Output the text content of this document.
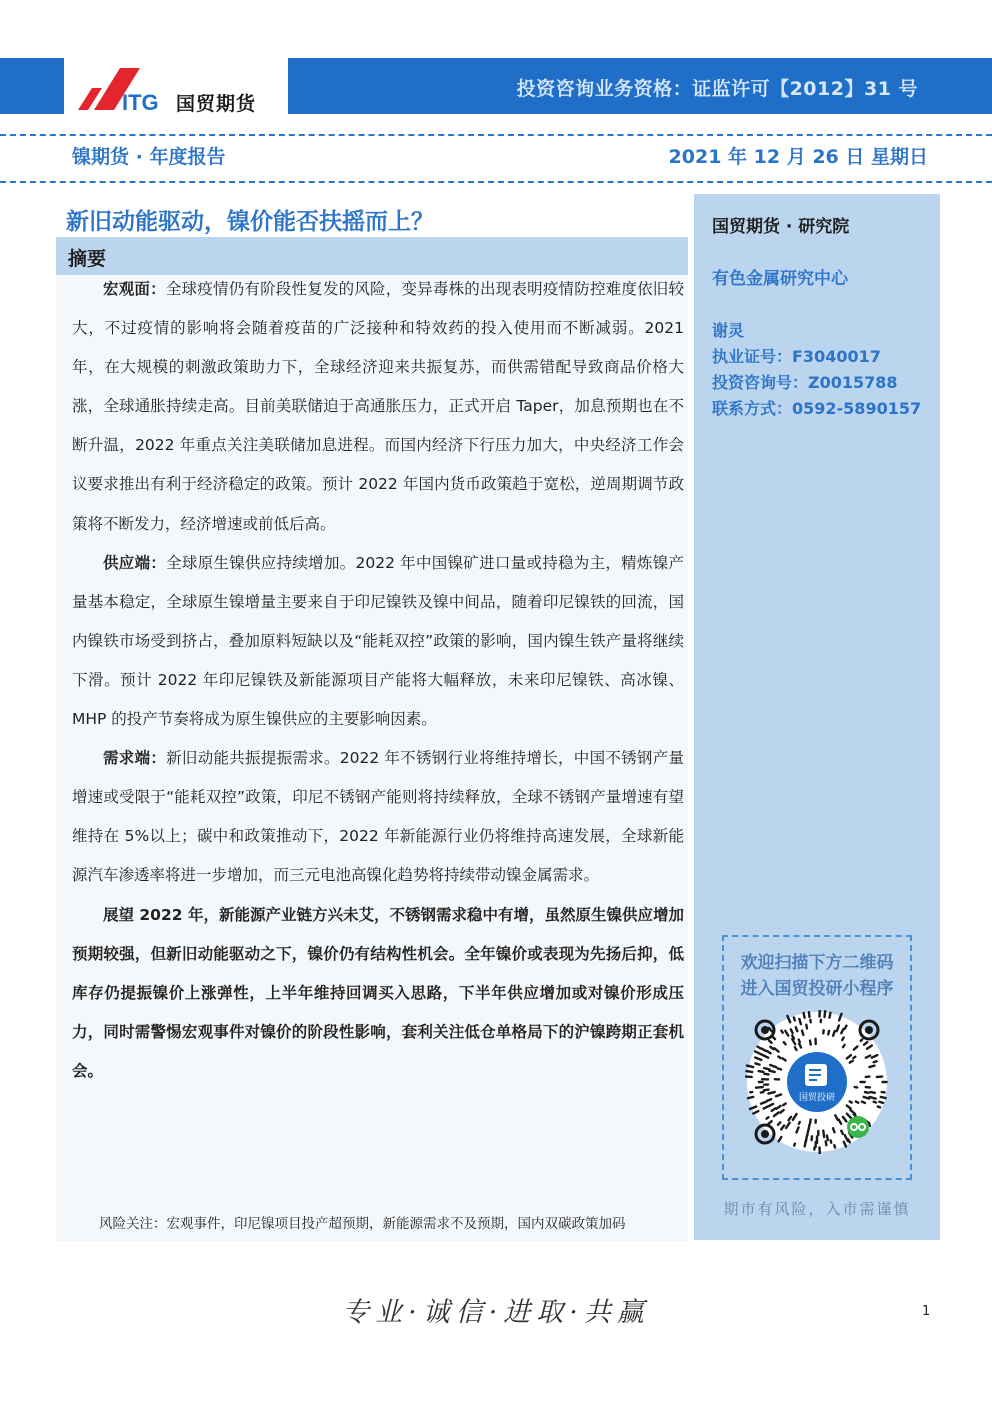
ITG 国贸期货
投资咨询业务资格：证监许可【2012】31 号
镍期货 · 年度报告	2021 年 12 月 26 日 星期日
新旧动能驱动，镍价能否扶摇而上？
摘要

宏观面：全球疫情仍有阶段性复发的风险，变异毒株的出现表明疫情防控难度依旧较大，不过疫情的影响将会随着疫苗的广泛接种和特效药的投入使用而不断减弱。2021 年，在大规模的刺激政策助力下，全球经济迎来共振复苏，而供需错配导致商品价格大涨，全球通胀持续走高。目前美联储迫于高通胀压力，正式开启 Taper，加息预期也在不断升温，2022 年重点关注美联储加息进程。而国内经济下行压力加大，中央经济工作会议要求推出有利于经济稳定的政策。预计 2022 年国内货币政策趋于宽松，逆周期调节政策将不断发力，经济增速或前低后高。

供应端：全球原生镍供应持续增加。2022 年中国镍矿进口量或持稳为主，精炼镍产量基本稳定，全球原生镍增量主要来自于印尼镍铁及镍中间品，随着印尼镍铁的回流，国内镍铁市场受到挤占，叠加原料短缺以及“能耗双控”政策的影响，国内镍生铁产量将继续下滑。预计 2022 年印尼镍铁及新能源项目产能将大幅释放，未来印尼镍铁、高冰镍、MHP 的投产节奏将成为原生镍供应的主要影响因素。

需求端：新旧动能共振提振需求。2022 年不锈钢行业将维持增长，中国不锈钢产量增速或受限于“能耗双控”政策，印尼不锈钢产能则将持续释放，全球不锈钢产量增速有望维持在 5%以上；碳中和政策推动下，2022 年新能源行业仍将维持高速发展，全球新能源汽车渗透率将进一步增加，而三元电池高镍化趋势将持续带动镍金属需求。

展望 2022 年，新能源产业链方兴未艾，不锈钢需求稳中有增，虽然原生镍供应增加预期较强，但新旧动能驱动之下，镍价仍有结构性机会。全年镍价或表现为先扬后抑，低库存仍提振镍价上涨弹性，上半年维持回调买入思路，下半年供应增加或对镍价形成压力，同时需警惕宏观事件对镍价的阶段性影响，套利关注低仓单格局下的沪镍跨期正套机会。

风险关注：宏观事件，印尼镍项目投产超预期，新能源需求不及预期，国内双碳政策加码
国贸期货 · 研究院
有色金属研究中心
谢灵
执业证号：F3040017
投资咨询号：Z0015788
联系方式：0592-5890157
欢迎扫描下方二维码
进入国贸投研小程序
国贸投研
期市有风险，入市需谨慎
专业·诚信·进取·共赢	1
